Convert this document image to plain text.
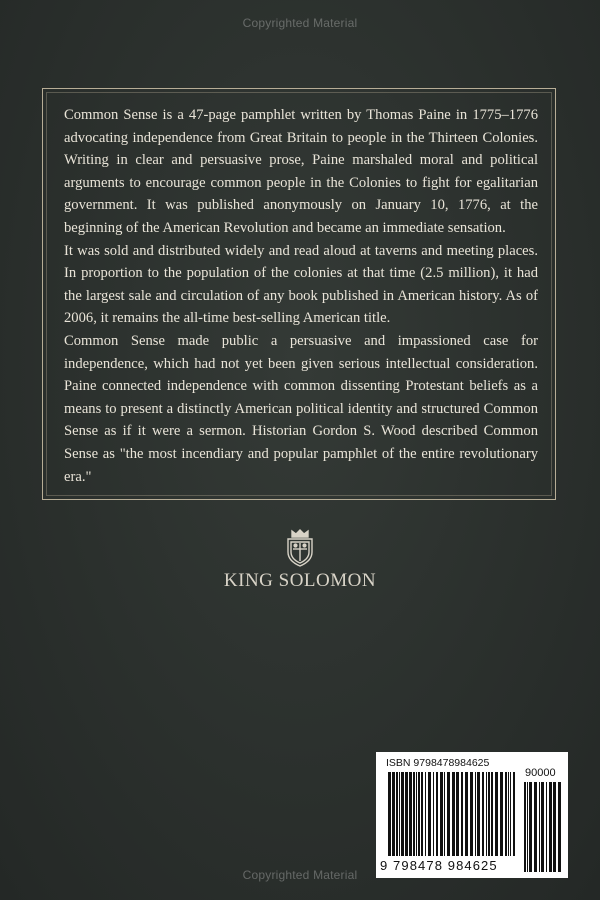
Copyrighted Material

Common Sense is a 47-page pamphlet written by Thomas Paine in 1775–1776 advocating independence from Great Britain to people in the Thirteen Colonies. Writing in clear and persuasive prose, Paine marshaled moral and political arguments to encourage common people in the Colonies to fight for egalitarian government. It was published anonymously on January 10, 1776, at the beginning of the American Revolution and became an immediate sensation.

It was sold and distributed widely and read aloud at taverns and meeting places. In proportion to the population of the colonies at that time (2.5 million), it had the largest sale and circulation of any book published in American history. As of 2006, it remains the all-time best-selling American title.

Common Sense made public a persuasive and impassioned case for independence, which had not yet been given serious intellectual consideration. Paine connected independence with common dissenting Protestant beliefs as a means to present a distinctly American political identity and structured Common Sense as if it were a sermon. Historian Gordon S. Wood described Common Sense as "the most incendiary and popular pamphlet of the entire revolutionary era."

KING SOLOMON
ISBN 9798478984625
90000
9 798478 984625
Copyrighted Material
